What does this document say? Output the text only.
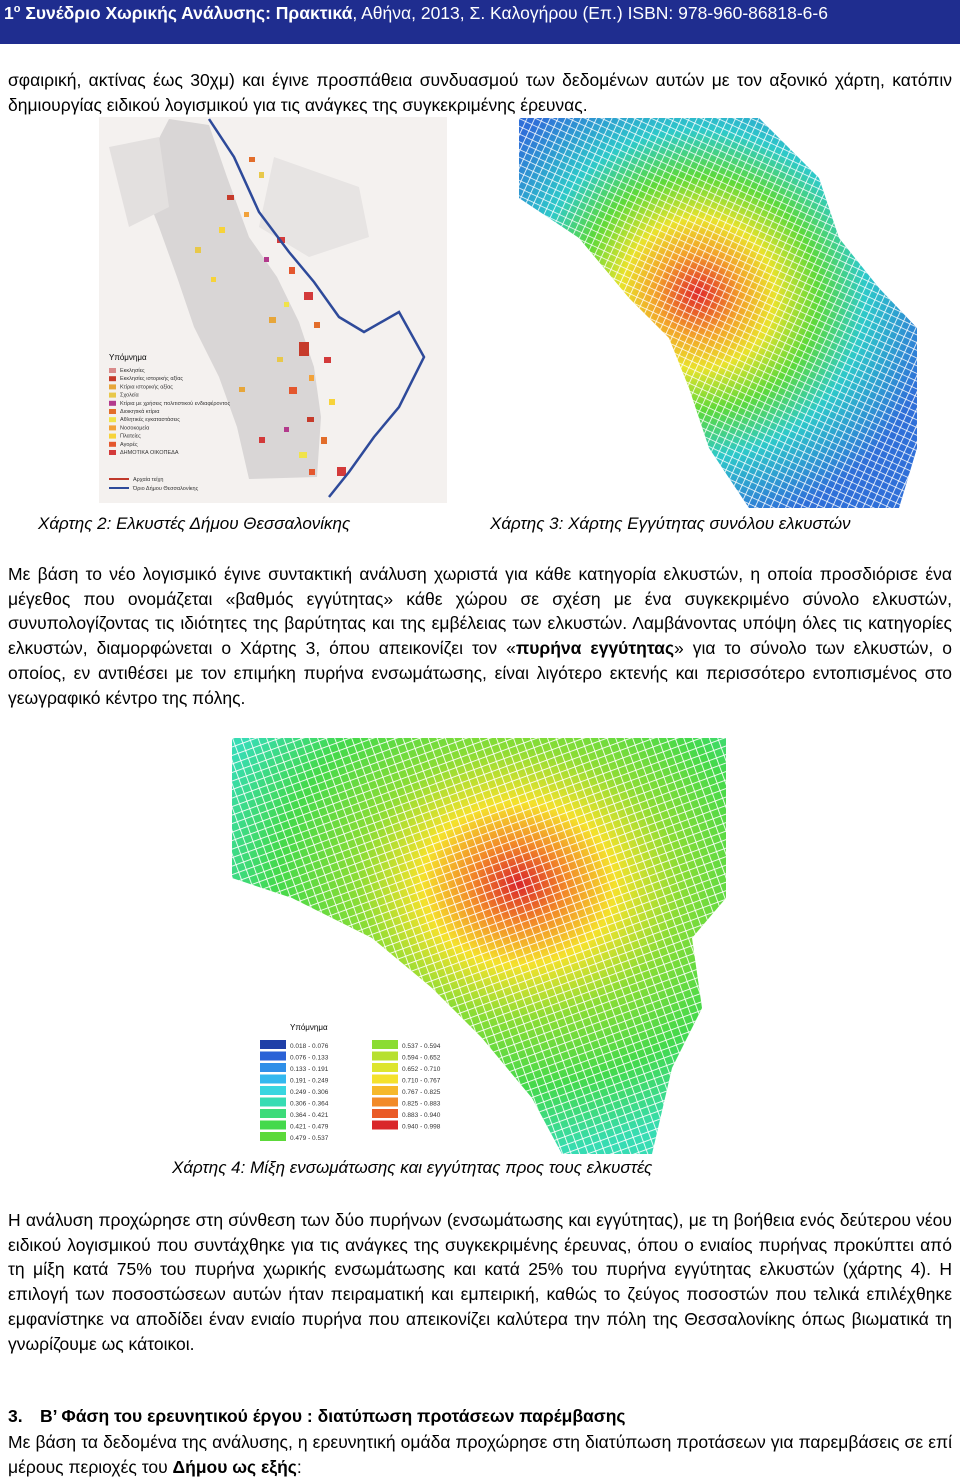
$1^o$ Συνέδριο Χωρικής Ανάλυσης: Πρακτικά, Αθήνα, 2013, Σ. Καλογήρου (Επ.) ISBN: 978-960-86818-6-6

σφαιρική, ακτίνας έως 30χμ) και έγινε προσπάθεια συνδυασμού των δεδομένων αυτών με τον αξονικό χάρτη, κατόπιν δημιουργίας ειδικού λογισμικού για τις ανάγκες της συγκεκριμένης έρευνας.

Υπόμνημα
Εκκλησίες
Εκκλησίες ιστορικής αξίας
Κτίρια ιστορικής αξίας
Σχολεία
Κτίρια με χρήσεις πολιτιστικού ενδιαφέροντος
Διοικητικά κτίρια
Αθλητικές εγκαταστάσεις
Νοσοκομεία
Πλατείες
Αγορές
ΔΗΜΟΤΙΚΑ ΟΙΚΟΠΕΔΑ
Αρχαία τείχη
Όριο Δήμου Θεσσαλονίκης
Χάρτης 2: Ελκυστές Δήμου Θεσσαλονίκης	Χάρτης 3: Χάρτης Εγγύτητας συνόλου ελκυστών

Με βάση το νέο λογισμικό έγινε συντακτική ανάλυση χωριστά για κάθε κατηγορία ελκυστών, η οποία προσδιόρισε ένα μέγεθος που ονομάζεται «βαθμός εγγύτητας» κάθε χώρου σε σχέση με ένα συγκεκριμένο σύνολο ελκυστών, συνυπολογίζοντας τις ιδιότητες της βαρύτητας και της εμβέλειας των ελκυστών. Λαμβάνοντας υπόψη όλες τις κατηγορίες ελκυστών, διαμορφώνεται ο Χάρτης 3, όπου απεικονίζει τον «πυρήνα εγγύτητας» για το σύνολο των ελκυστών, ο οποίος, εν αντιθέσει με τον επιμήκη πυρήνα ενσωμάτωσης, είναι λιγότερο εκτενής και περισσότερο εντοπισμένος στο γεωγραφικό κέντρο της πόλης.

Υπόμνημα
0.018 - 0.076
0.076 - 0.133
0.133 - 0.191
0.191 - 0.249
0.249 - 0.306
0.306 - 0.364
0.364 - 0.421
0.421 - 0.479
0.479 - 0.537
0.537 - 0.594
0.594 - 0.652
0.652 - 0.710
0.710 - 0.767
0.767 - 0.825
0.825 - 0.883
0.883 - 0.940
0.940 - 0.998
Χάρτης 4: Μίξη ενσωμάτωσης και εγγύτητας προς τους ελκυστές

Η ανάλυση προχώρησε στη σύνθεση των δύο πυρήνων (ενσωμάτωσης και εγγύτητας), με τη βοήθεια ενός δεύτερου νέου ειδικού λογισμικού που συντάχθηκε για τις ανάγκες της συγκεκριμένης έρευνας, όπου ο ενιαίος πυρήνας προκύπτει από τη μίξη κατά 75% του πυρήνα χωρικής ενσωμάτωσης και κατά 25% του πυρήνα εγγύτητας ελκυστών (χάρτης 4). Η επιλογή των ποσοστώσεων αυτών ήταν πειραματική και εμπειρική, καθώς το ζεύγος ποσοστών που τελικά επιλέχθηκε εμφανίστηκε να αποδίδει έναν ενιαίο πυρήνα που απεικονίζει καλύτερα την πόλη της Θεσσαλονίκης όπως βιωματικά τη γνωρίζουμε ως κάτοικοι.

3. Β’ Φάση του ερευνητικού έργου : διατύπωση προτάσεων παρέμβασης

Με βάση τα δεδομένα της ανάλυσης, η ερευνητική ομάδα προχώρησε στη διατύπωση προτάσεων για παρεμβάσεις σε επί μέρους περιοχές του Δήμου ως εξής:
